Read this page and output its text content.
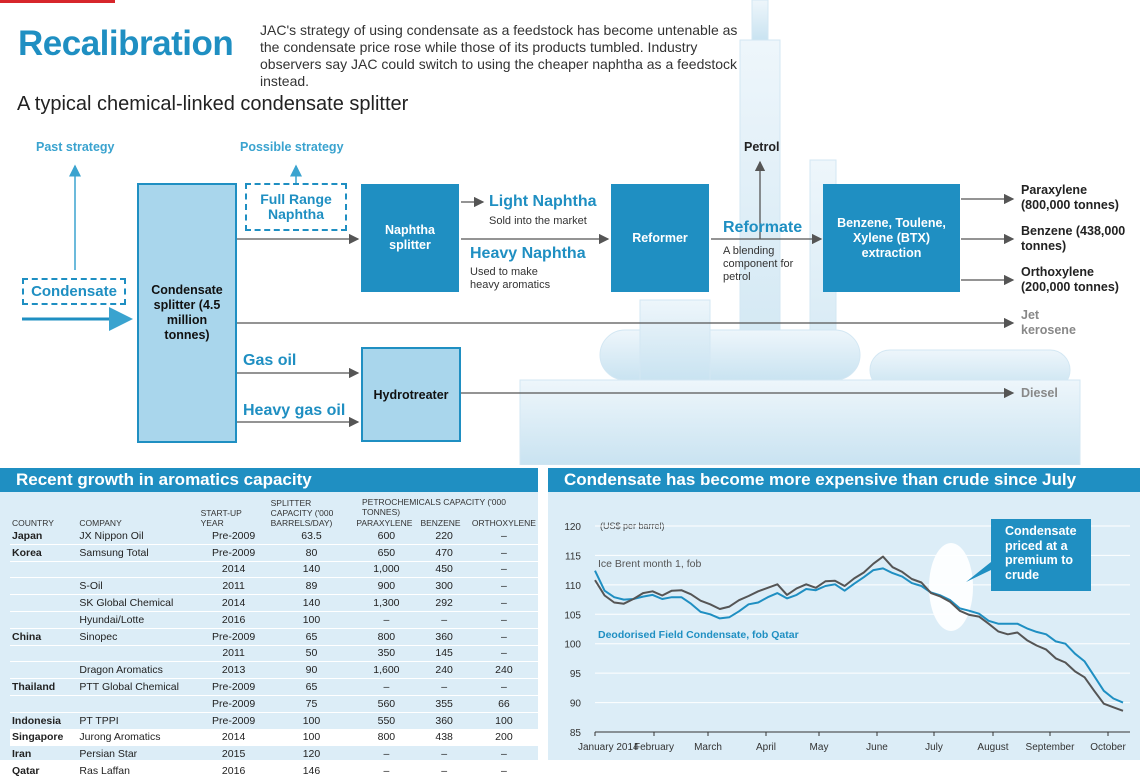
Recalibration JAC's strategy of using condensate as a feedstock has become untenable as the condensate price rose while those of its products tumbled. Industry observers say JAC could switch to using the cheaper naphtha as a feedstock instead.
A typical chemical-linked condensate splitter
Past strategy	Possible strategy
Condensate	Condensate splitter (4.5 million tonnes)
Full Range Naphtha
Naphtha splitter
Light Naphtha
Sold into the market
Heavy Naphtha
Used to make heavy aromatics
Reformer
Petrol
Reformate
A blending component for petrol
Benzene, Toulene, Xylene (BTX) extraction
Paraxylene (800,000 tonnes)
Benzene (438,000 tonnes)
Orthoxylene (200,000 tonnes)
Jet kerosene
Diesel
Gas oil
Heavy gas oil
Hydrotreater
Recent growth in aromatics capacity
PETROCHEMICALS CAPACITY ('000 TONNES)
COUNTRY	COMPANY	START-UP YEAR	SPLITTER CAPACITY ('000 BARRELS/DAY)	PARAXYLENE	BENZENE	ORTHOXYLENE
Japan	JX Nippon Oil	Pre-2009	63.5	600	220	–
Korea	Samsung Total	Pre-2009	80	650	470	–
		2014	140	1,000	450	–
	S-Oil	2011	89	900	300	–
	SK Global Chemical	2014	140	1,300	292	–
	Hyundai/Lotte	2016	100	–	–	–
China	Sinopec	Pre-2009	65	800	360	–
		2011	50	350	145	–
	Dragon Aromatics	2013	90	1,600	240	240
Thailand	PTT Global Chemical	Pre-2009	65	–	–	–
		Pre-2009	75	560	355	66
Indonesia	PT TPPI	Pre-2009	100	550	360	100
Singapore	Jurong Aromatics	2014	100	800	438	200
Iran	Persian Star	2015	120	–	–	–
Qatar	Ras Laffan	2016	146	–	–	–
Condensate has become more expensive than crude since July
(US$ per barrel)
85
90
95
100
105
110
115
120
January 2014
February March	April	May	June	July	August September October
Ice Brent month 1, fob
Deodorised Field Condensate, fob Qatar
Condensate priced at a premium to crude
